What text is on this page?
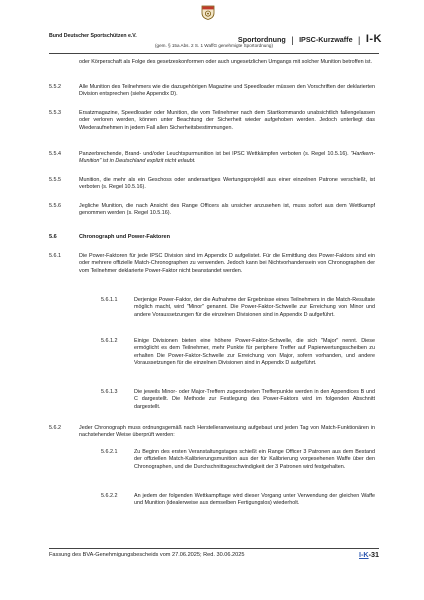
Bund Deutscher Sportschützen e.V.	Sportordnung | IPSC-Kurzwaffe | I-K
(gem. § 15a Abs. 2 S. 1 WaffG genehmigte Sportordnung)
oder Körperschaft als Folge des gesetzeskonformen oder auch ungesetzlichen Umgangs mit solcher Munition betroffen ist.
5.5.2	Alle Munition des Teilnehmers wie die dazugehörigen Magazine und Speedloader müssen den Vorschriften der deklarierten Division entsprechen (siehe Appendix D).
5.5.3	Ersatzmagazine, Speedloader oder Munition, die vom Teilnehmer nach dem Startkommando unabsichtlich fallengelassen oder verloren werden, können unter Beachtung der Sicherheit wieder aufgehoben werden. Jedoch unterliegt das Wiederaufnehmen in jedem Fall allen Sicherheitsbestimmungen.
5.5.4	Panzerbrechende, Brand- und/oder Leuchtspurmunition ist bei IPSC Wettkämpfen verboten (s. Regel 10.5.16). "Hartkern-Munition" ist in Deutschland explizit nicht erlaubt.
5.5.5	Munition, die mehr als ein Geschoss oder andersartiges Wertungsprojektil aus einer einzelnen Patrone verschießt, ist verboten (s. Regel 10.5.16).
5.5.6	Jegliche Munition, die nach Ansicht des Range Officers als unsicher anzusehen ist, muss sofort aus dem Wettkampf genommen werden (s. Regel 10.5.16).
5.6	Chronograph und Power-Faktoren
5.6.1	Die Power-Faktoren für jede IPSC Division sind im Appendix D aufgelistet. Für die Ermittlung des Power-Faktors sind ein oder mehrere offizielle Match-Chronographen zu verwenden. Jedoch kann bei Nichtvorhandensein von Chronographen der vom Teilnehmer deklarierte Power-Faktor nicht beanstandet werden.
5.6.1.1	Derjenige Power-Faktor, der die Aufnahme der Ergebnisse eines Teilnehmers in die Match-Resultate möglich macht, wird "Minor" genannt. Die Power-Faktor-Schwelle zur Erreichung von Minor und andere Voraussetzungen für die einzelnen Divisionen sind in Appendix D aufgeführt.
5.6.1.2	Einige Divisionen bieten eine höhere Power-Faktor-Schwelle, die sich "Major" nennt. Diese ermöglicht es dem Teilnehmer, mehr Punkte für periphere Treffer auf Papierwertungsscheiben zu erhalten Die Power-Faktor-Schwelle zur Erreichung von Major, sofern vorhanden, und andere Voraussetzungen für die einzelnen Divisionen sind in Appendix D aufgeführt.
5.6.1.3	Die jeweils Minor- oder Major-Treffern zugeordneten Trefferpunkte werden in den Appendices B und C dargestellt. Die Methode zur Festlegung des Power-Faktors wird im folgenden Abschnitt dargestellt.
5.6.2	Jeder Chronograph muss ordnungsgemäß nach Herstelleranweisung aufgebaut und jeden Tag von Match-Funktionären in nachstehender Weise überprüft werden:
5.6.2.1	Zu Beginn des ersten Veranstaltungstages schießt ein Range Officer 3 Patronen aus dem Bestand der offiziellen Match-Kalibrierungsmunition aus der für Kalibrierung vorgesehenen Waffe über den Chronographen, und die Durchschnittsgeschwindigkeit der 3 Patronen wird festgehalten.
5.6.2.2	An jedem der folgenden Wettkampftage wird dieser Vorgang unter Verwendung der gleichen Waffe und Munition (idealerweise aus demselben Fertigungslos) wiederholt.
Fassung des BVA-Genehmigungsbescheids vom 27.06.2025; Red. 30.06.2025	I-K-31
